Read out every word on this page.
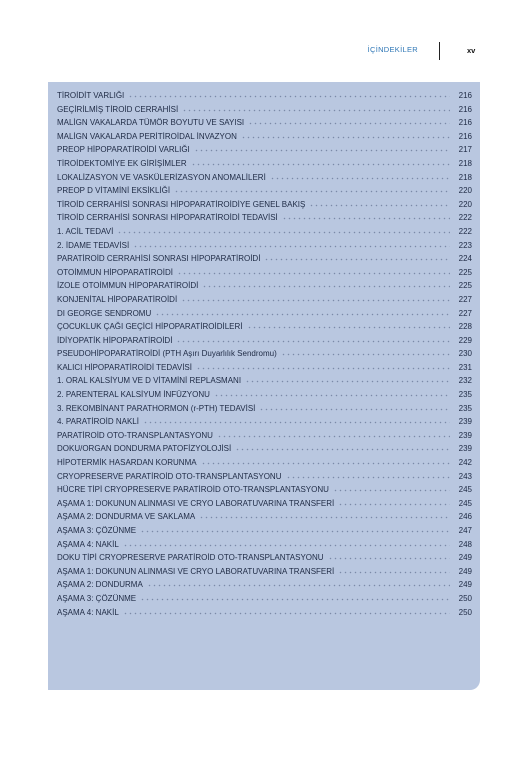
İÇİNDEKİLER	xv
TİROİDİT VARLIĞI	216
GEÇİRİLMİŞ TİROİD CERRAHİSİ	216
MALİGN VAKALARDA TÜMÖR BOYUTU VE SAYISI	216
MALİGN VAKALARDA PERİTİROİDAL İNVAZYON	216
PREOP HİPOPARATİROİDİ VARLIĞI	217
TİROİDEKTOMİYE EK GİRİŞİMLER	218
LOKALİZASYON VE VASKÜLERİZASYON ANOMALİLERİ	218
PREOP D VİTAMİNİ EKSİKLİĞİ	220
TİROİD CERRAHİSİ SONRASI HİPOPARATİROİDİYE GENEL BAKIŞ	220
TİROİD CERRAHİSİ SONRASI HİPOPARATİROİDİ TEDAVİSİ	222
1. ACİL TEDAVİ	222
2. İDAME TEDAVİSİ	223
PARATİROİD CERRAHİSİ SONRASI HİPOPARATİROİDİ	224
OTOİMMUN HİPOPARATİROİDİ	225
İZOLE OTOİMMUN HİPOPARATİROİDİ	225
KONJENİTAL HİPOPARATİROİDİ	227
DI GEORGE SENDROMU	227
ÇOCUKLUK ÇAĞI GEÇİCİ HİPOPARATİROİDİLERİ	228
İDİYOPATİK HİPOPARATİROİDİ	229
PSEUDOHİPOPARATİROİDİ (PTH Aşırı Duyarlılık Sendromu)	230
KALICI HİPOPARATİROİDİ TEDAVİSİ	231
1. ORAL KALSİYUM VE D VİTAMİNİ REPLASMANI	232
2. PARENTERAL KALSİYUM İNFÜZYONU	235
3. REKOMBİNANT PARATHORMON (r-PTH) TEDAVİSİ	235
4. PARATİROİD NAKLİ	239
PARATİROİD OTO-TRANSPLANTASYONU	239
DOKU/ORGAN DONDURMA PATOFİZYOLOJİSİ	239
HİPOTERMİK HASARDAN KORUNMA	242
CRYOPRESERVE PARATİROİD OTO-TRANSPLANTASYONU	243
HÜCRE TİPİ CRYOPRESERVE PARATİROİD OTO-TRANSPLANTASYONU	245
AŞAMA 1: DOKUNUN ALINMASI VE CRYO LABORATUVARINA TRANSFERİ	245
AŞAMA 2: DONDURMA VE SAKLAMA	246
AŞAMA 3: ÇÖZÜNME	247
AŞAMA 4: NAKİL	248
DOKU TİPİ CRYOPRESERVE PARATİROİD OTO-TRANSPLANTASYONU	249
AŞAMA 1: DOKUNUN ALINMASI VE CRYO LABORATUVARINA TRANSFERİ	249
AŞAMA 2: DONDURMA	249
AŞAMA 3: ÇÖZÜNME	250
AŞAMA 4: NAKİL	250
